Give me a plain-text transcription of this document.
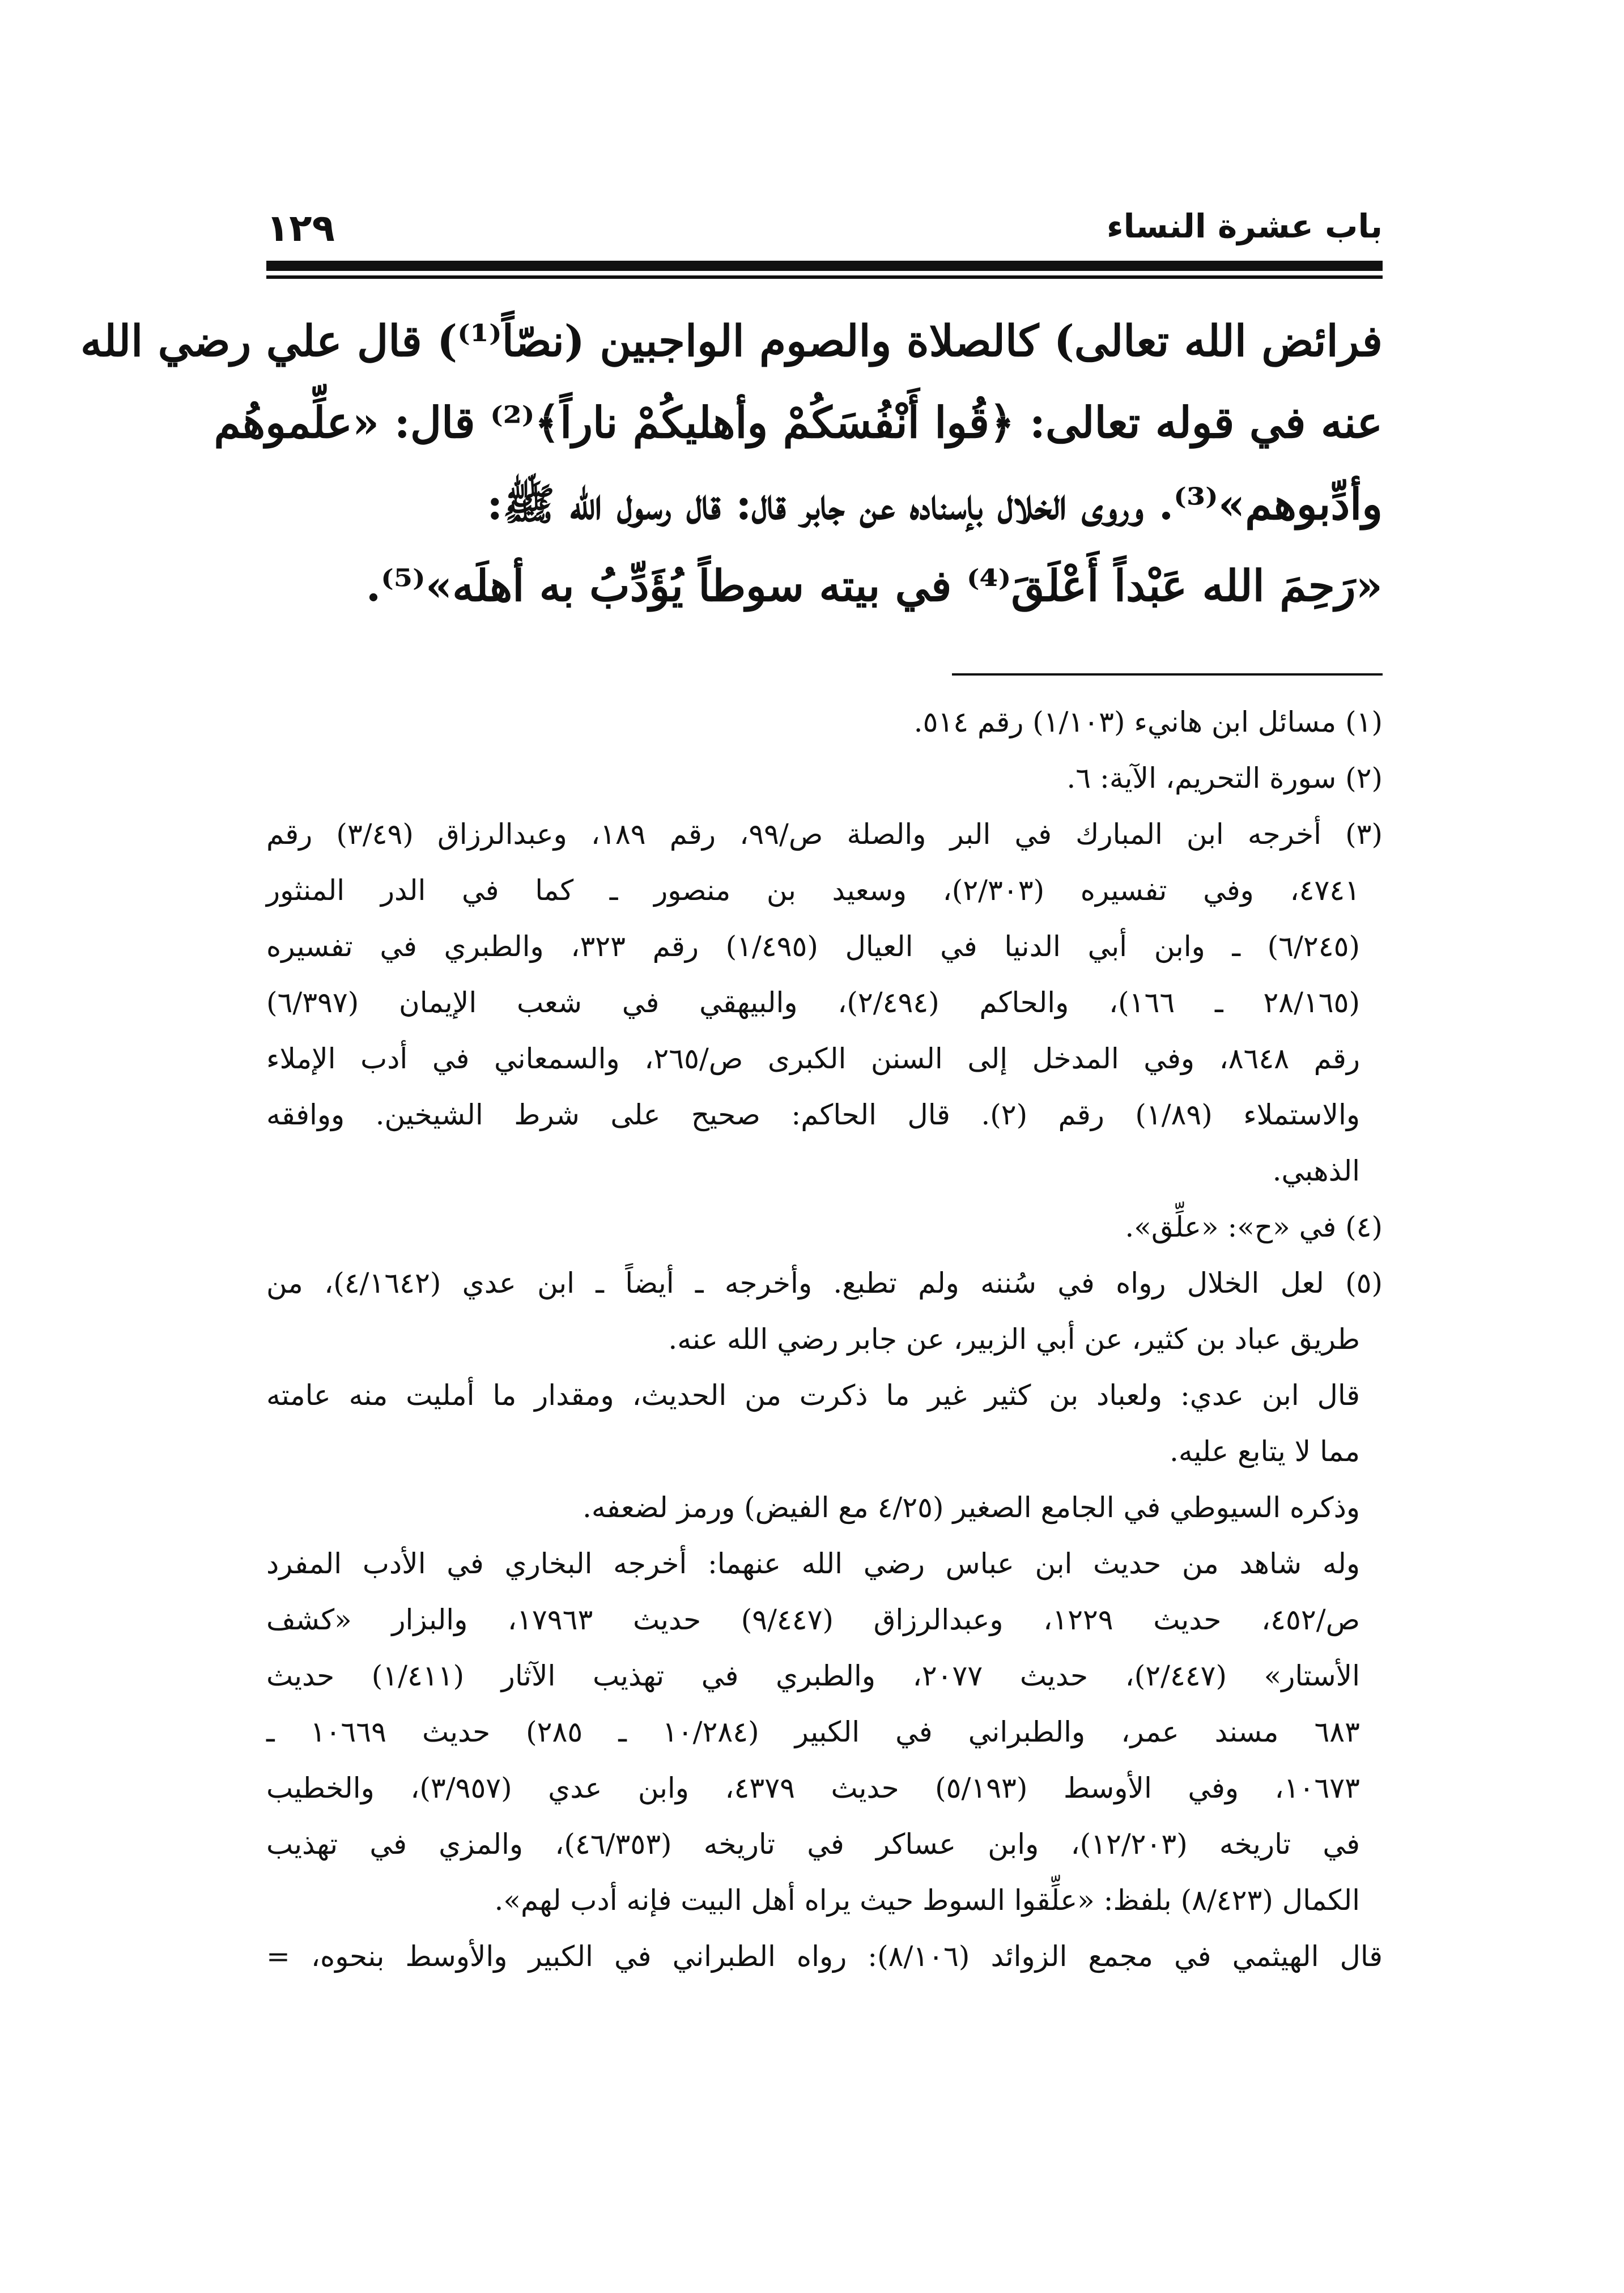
١٢٩	باب عشرة النساء
فرائض الله تعالى) كالصلاة والصوم الواجبين (نصّاً⁽¹⁾) قال علي رضي الله
عنه في قوله تعالى: ﴿قُوا أَنْفُسَكُمْ وأهليكُمْ ناراً﴾⁽²⁾ قال: «علِّموهُم
وأدِّبوهم»⁽³⁾. وروى الخلال بإسناده عن جابر قال: قال رسول الله ﷺ:
«رَحِمَ الله عَبْداً أَعْلَقَ⁽⁴⁾ في بيته سوطاً يُؤَدِّبُ به أهلَه»⁽⁵⁾.
(١) مسائل ابن هانيء (١/١٠٣) رقم ٥١٤.
(٢) سورة التحريم، الآية: ٦.
(٣) أخرجه ابن المبارك في البر والصلة ص/٩٩، رقم ١٨٩، وعبدالرزاق (٣/٤٩) رقم
٤٧٤١، وفي تفسيره (٢/٣٠٣)، وسعيد بن منصور ـ كما في الدر المنثور
(٦/٢٤٥) ـ وابن أبي الدنيا في العيال (١/٤٩٥) رقم ٣٢٣، والطبري في تفسيره
(٢٨/١٦٥ ـ ١٦٦)، والحاكم (٢/٤٩٤)، والبيهقي في شعب الإيمان (٦/٣٩٧)
رقم ٨٦٤٨، وفي المدخل إلى السنن الكبرى ص/٢٦٥، والسمعاني في أدب الإملاء
والاستملاء (١/٨٩) رقم (٢). قال الحاكم: صحيح على شرط الشيخين. ووافقه
الذهبي.
(٤) في «ح»: «علِّق».
(٥) لعل الخلال رواه في سُننه ولم تطبع. وأخرجه ـ أيضاً ـ ابن عدي (٤/١٦٤٢)، من
طريق عباد بن كثير، عن أبي الزبير، عن جابر رضي الله عنه.
قال ابن عدي: ولعباد بن كثير غير ما ذكرت من الحديث، ومقدار ما أمليت منه عامته
مما لا يتابع عليه.
وذكره السيوطي في الجامع الصغير (٤/٢٥ مع الفيض) ورمز لضعفه.
وله شاهد من حديث ابن عباس رضي الله عنهما: أخرجه البخاري في الأدب المفرد
ص/٤٥٢، حديث ١٢٢٩، وعبدالرزاق (٩/٤٤٧) حديث ١٧٩٦٣، والبزار «كشف
الأستار» (٢/٤٤٧)، حديث ٢٠٧٧، والطبري في تهذيب الآثار (١/٤١١) حديث
٦٨٣ مسند عمر، والطبراني في الكبير (١٠/٢٨٤ ـ ٢٨٥) حديث ١٠٦٦٩ ـ
١٠٦٧٣، وفي الأوسط (٥/١٩٣) حديث ٤٣٧٩، وابن عدي (٣/٩٥٧)، والخطيب
في تاريخه (١٢/٢٠٣)، وابن عساكر في تاريخه (٤٦/٣٥٣)، والمزي في تهذيب
الكمال (٨/٤٢٣) بلفظ: «علِّقوا السوط حيث يراه أهل البيت فإنه أدب لهم».
قال الهيثمي في مجمع الزوائد (٨/١٠٦): رواه الطبراني في الكبير والأوسط بنحوه، =
